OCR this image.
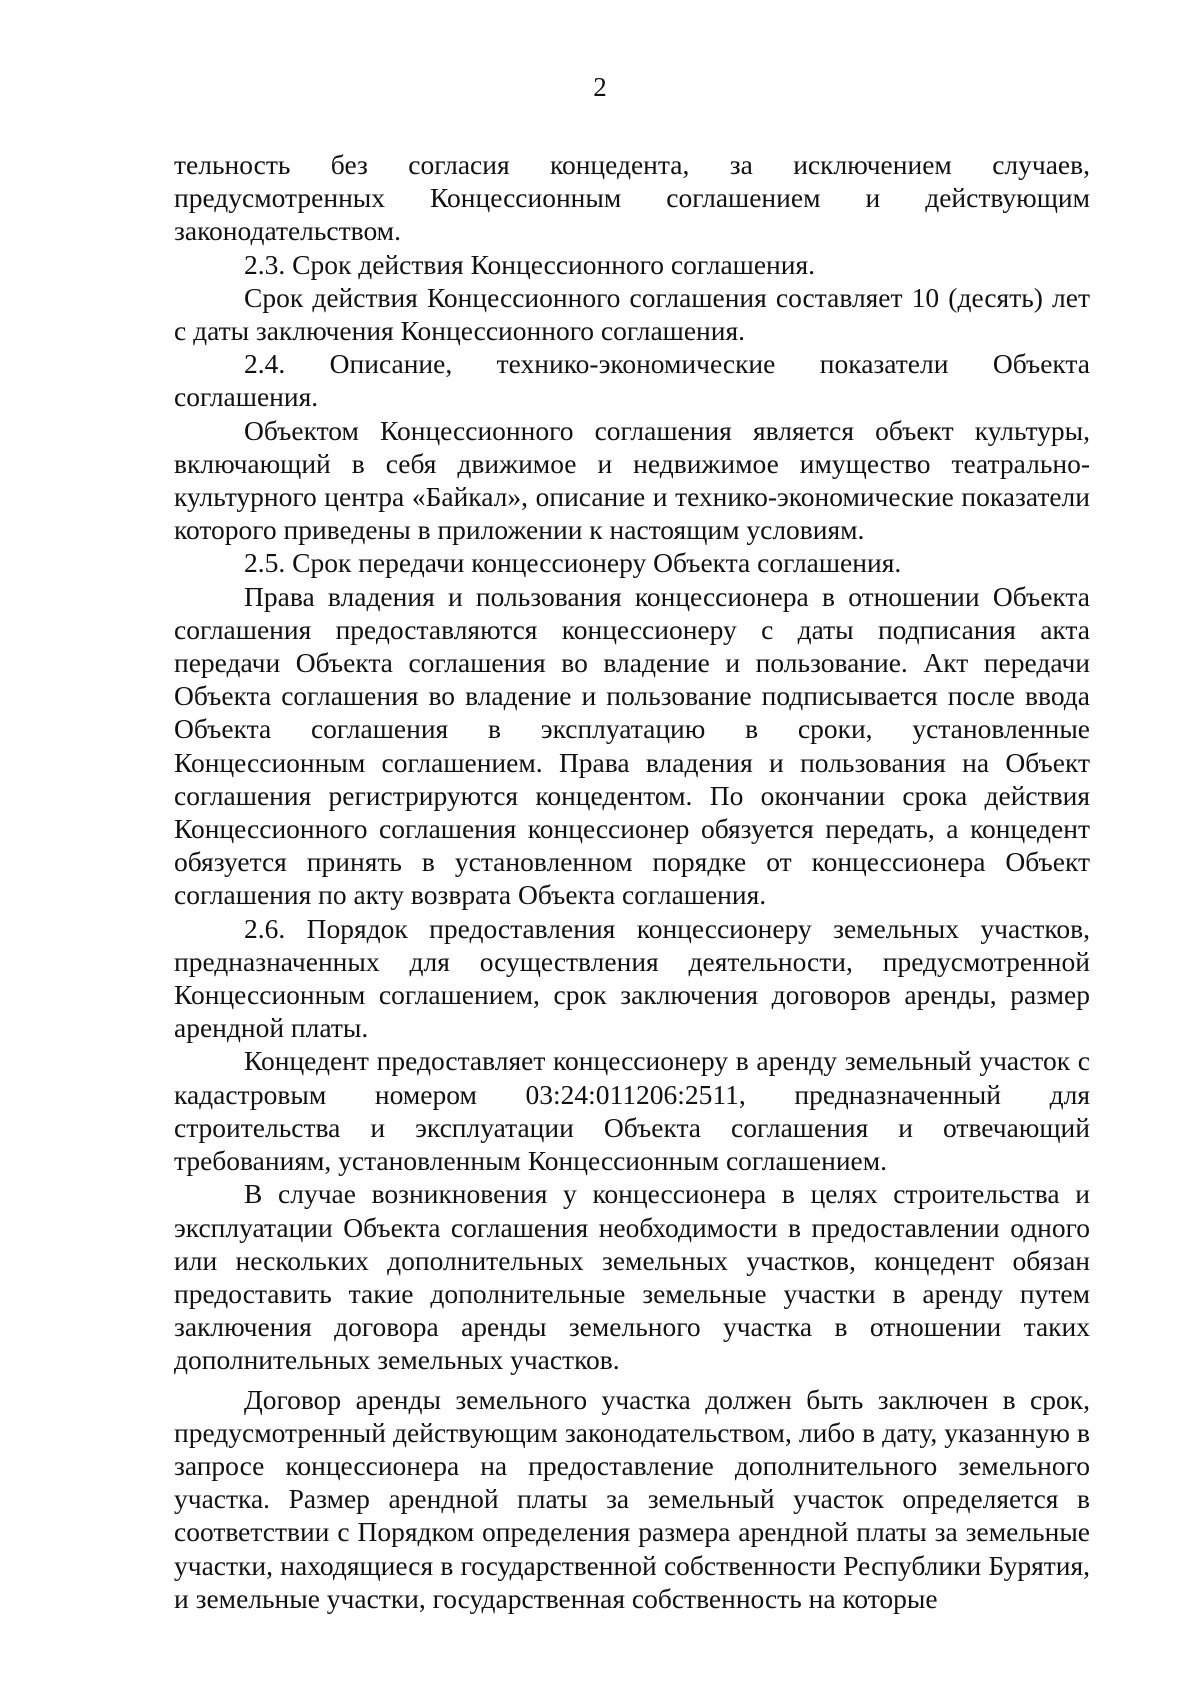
2

тельность без согласия концедента, за исключением случаев, предусмотренных Концессионным соглашением и действующим законодательством.

2.3. Срок действия Концессионного соглашения.

Срок действия Концессионного соглашения составляет 10 (десять) лет с даты заключения Концессионного соглашения.

2.4. Описание, технико-экономические показатели Объекта соглашения.

Объектом Концессионного соглашения является объект культуры, включающий в себя движимое и недвижимое имущество театрально-культурного центра «Байкал», описание и технико-экономические показатели которого приведены в приложении к настоящим условиям.

2.5. Срок передачи концессионеру Объекта соглашения.

Права владения и пользования концессионера в отношении Объекта соглашения предоставляются концессионеру с даты подписания акта передачи Объекта соглашения во владение и пользование. Акт передачи Объекта соглашения во владение и пользование подписывается после ввода Объекта соглашения в эксплуатацию в сроки, установленные Концессионным соглашением. Права владения и пользования на Объект соглашения регистрируются концедентом. По окончании срока действия Концессионного соглашения концессионер обязуется передать, а концедент обязуется принять в установленном порядке от концессионера Объект соглашения по акту возврата Объекта соглашения.

2.6. Порядок предоставления концессионеру земельных участков, предназначенных для осуществления деятельности, предусмотренной Концессионным соглашением, срок заключения договоров аренды, размер арендной платы.

Концедент предоставляет концессионеру в аренду земельный участок с кадастровым номером 03:24:011206:2511, предназначенный для строительства и эксплуатации Объекта соглашения и отвечающий требованиям, установленным Концессионным соглашением.

В случае возникновения у концессионера в целях строительства и эксплуатации Объекта соглашения необходимости в предоставлении одного или нескольких дополнительных земельных участков, концедент обязан предоставить такие дополнительные земельные участки в аренду путем заключения договора аренды земельного участка в отношении таких дополнительных земельных участков.

Договор аренды земельного участка должен быть заключен в срок, предусмотренный действующим законодательством, либо в дату, указанную в запросе концессионера на предоставление дополнительного земельного участка. Размер арендной платы за земельный участок определяется в соответствии с Порядком определения размера арендной платы за земельные участки, находящиеся в государственной собственности Республики Бурятия, и земельные участки, государственная собственность на которые
